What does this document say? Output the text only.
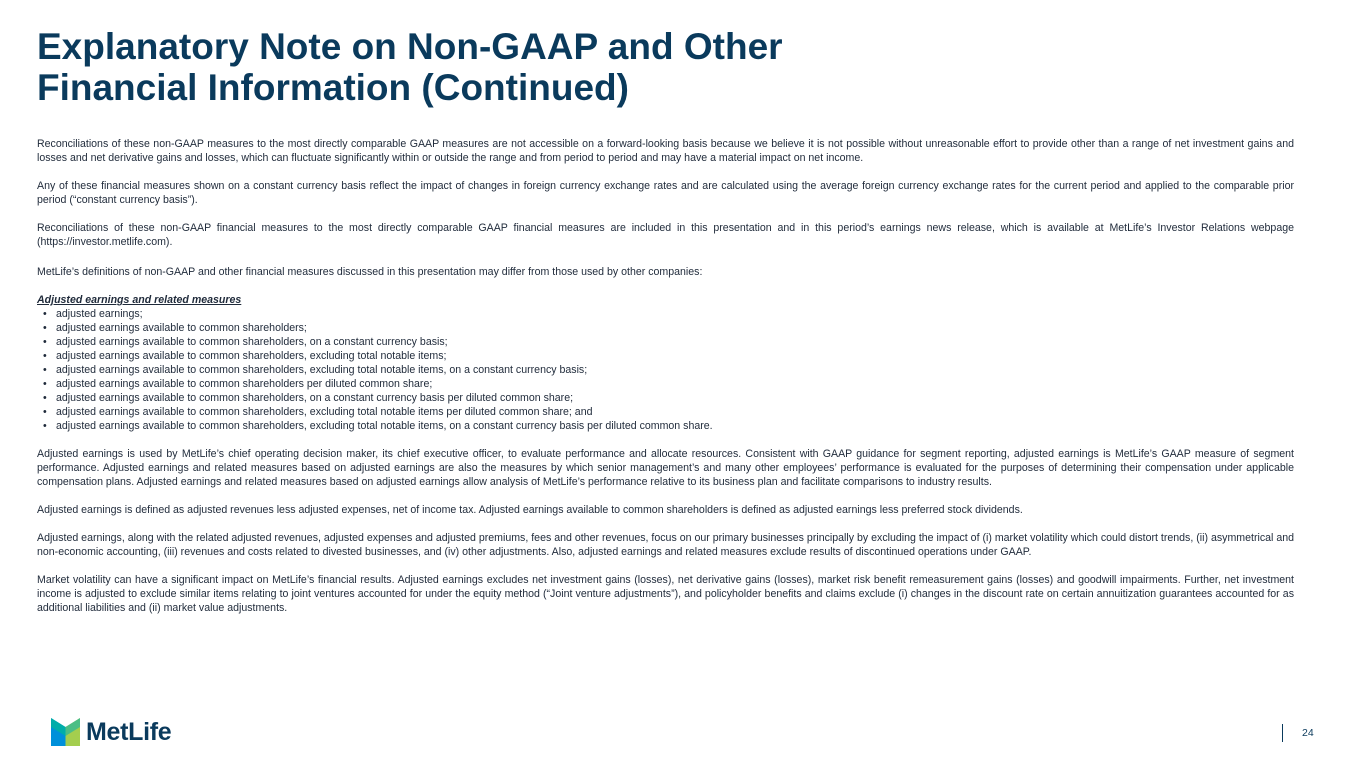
Explanatory Note on Non-GAAP and Other
Financial Information (Continued)

Reconciliations of these non-GAAP measures to the most directly comparable GAAP measures are not accessible on a forward-looking basis because we believe it is not possible without unreasonable effort to provide other than a range of net investment gains and losses and net derivative gains and losses, which can fluctuate significantly within or outside the range and from period to period and may have a material impact on net income.

Any of these financial measures shown on a constant currency basis reflect the impact of changes in foreign currency exchange rates and are calculated using the average foreign currency exchange rates for the current period and applied to the comparable prior period (“constant currency basis”).

Reconciliations of these non-GAAP financial measures to the most directly comparable GAAP financial measures are included in this presentation and in this period’s earnings news release, which is available at MetLife’s Investor Relations webpage (https://investor.metlife.com).

MetLife’s definitions of non-GAAP and other financial measures discussed in this presentation may differ from those used by other companies:

Adjusted earnings and related measures
• adjusted earnings;
• adjusted earnings available to common shareholders;
• adjusted earnings available to common shareholders, on a constant currency basis;
• adjusted earnings available to common shareholders, excluding total notable items;
• adjusted earnings available to common shareholders, excluding total notable items, on a constant currency basis;
• adjusted earnings available to common shareholders per diluted common share;
• adjusted earnings available to common shareholders, on a constant currency basis per diluted common share;
• adjusted earnings available to common shareholders, excluding total notable items per diluted common share; and
• adjusted earnings available to common shareholders, excluding total notable items, on a constant currency basis per diluted common share.

Adjusted earnings is used by MetLife’s chief operating decision maker, its chief executive officer, to evaluate performance and allocate resources. Consistent with GAAP guidance for segment reporting, adjusted earnings is MetLife’s GAAP measure of segment performance. Adjusted earnings and related measures based on adjusted earnings are also the measures by which senior management’s and many other employees’ performance is evaluated for the purposes of determining their compensation under applicable compensation plans. Adjusted earnings and related measures based on adjusted earnings allow analysis of MetLife’s performance relative to its business plan and facilitate comparisons to industry results.

Adjusted earnings is defined as adjusted revenues less adjusted expenses, net of income tax. Adjusted earnings available to common shareholders is defined as adjusted earnings less preferred stock dividends.

Adjusted earnings, along with the related adjusted revenues, adjusted expenses and adjusted premiums, fees and other revenues, focus on our primary businesses principally by excluding the impact of (i) market volatility which could distort trends, (ii) asymmetrical and non-economic accounting, (iii) revenues and costs related to divested businesses, and (iv) other adjustments. Also, adjusted earnings and related measures exclude results of discontinued operations under GAAP.

Market volatility can have a significant impact on MetLife’s financial results. Adjusted earnings excludes net investment gains (losses), net derivative gains (losses), market risk benefit remeasurement gains (losses) and goodwill impairments. Further, net investment income is adjusted to exclude similar items relating to joint ventures accounted for under the equity method (“Joint venture adjustments”), and policyholder benefits and claims exclude (i) changes in the discount rate on certain annuitization guarantees accounted for as additional liabilities and (ii) market value adjustments.

MetLife	24
